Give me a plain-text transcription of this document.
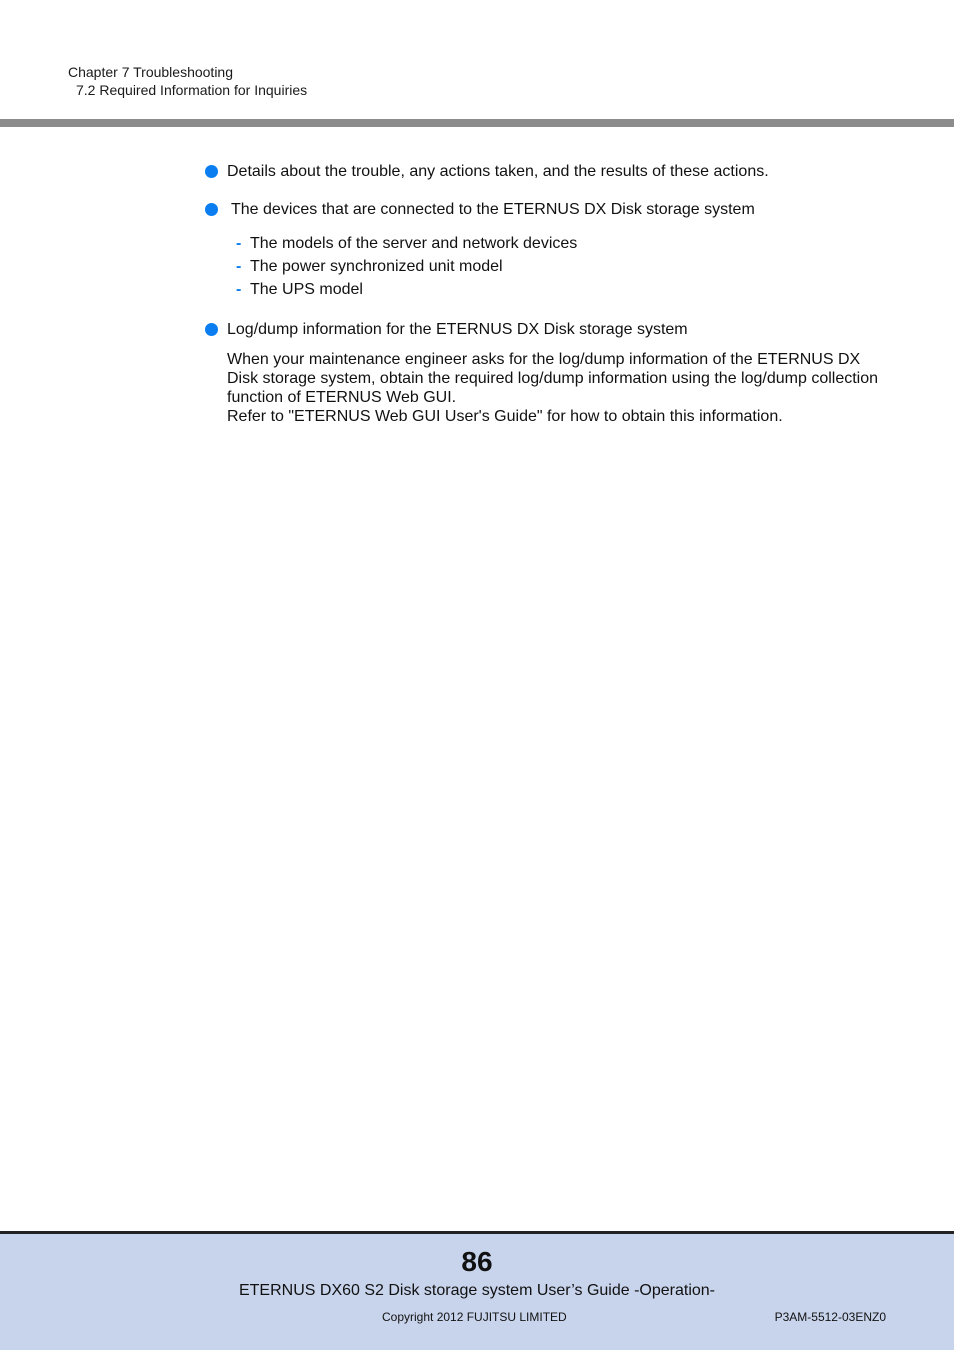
Chapter 7 Troubleshooting
7.2 Required Information for Inquiries
Details about the trouble, any actions taken, and the results of these actions.
The devices that are connected to the ETERNUS DX Disk storage system
- The models of the server and network devices
- The power synchronized unit model
- The UPS model
Log/dump information for the ETERNUS DX Disk storage system
When your maintenance engineer asks for the log/dump information of the ETERNUS DX
Disk storage system, obtain the required log/dump information using the log/dump collection
function of ETERNUS Web GUI.
Refer to "ETERNUS Web GUI User's Guide" for how to obtain this information.
86
ETERNUS DX60 S2 Disk storage system User’s Guide -Operation-
Copyright 2012 FUJITSU LIMITED	P3AM-5512-03ENZ0
